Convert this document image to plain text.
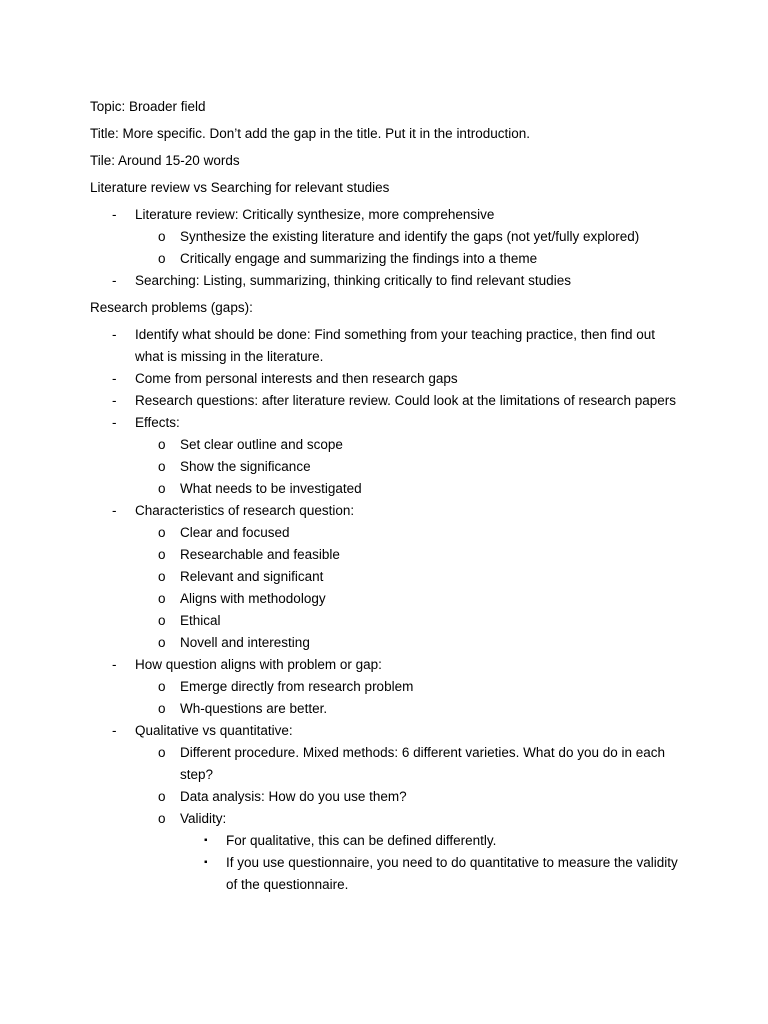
Topic: Broader field

Title: More specific. Don’t add the gap in the title. Put it in the introduction.

Tile: Around 15-20 words

Literature review vs Searching for relevant studies

- Literature review: Critically synthesize, more comprehensive
o Synthesize the existing literature and identify the gaps (not yet/fully explored)
o Critically engage and summarizing the findings into a theme
- Searching: Listing, summarizing, thinking critically to find relevant studies

Research problems (gaps):

- Identify what should be done: Find something from your teaching practice, then find out what is missing in the literature.
- Come from personal interests and then research gaps
- Research questions: after literature review. Could look at the limitations of research papers
- Effects:
o Set clear outline and scope
o Show the significance
o What needs to be investigated
- Characteristics of research question:
o Clear and focused
o Researchable and feasible
o Relevant and significant
o Aligns with methodology
o Ethical
o Novell and interesting
- How question aligns with problem or gap:
o Emerge directly from research problem
o Wh-questions are better.
- Qualitative vs quantitative:
o Different procedure. Mixed methods: 6 different varieties. What do you do in each step?
o Data analysis: How do you use them?
o Validity:
▪ For qualitative, this can be defined differently.
▪ If you use questionnaire, you need to do quantitative to measure the validity of the questionnaire.
